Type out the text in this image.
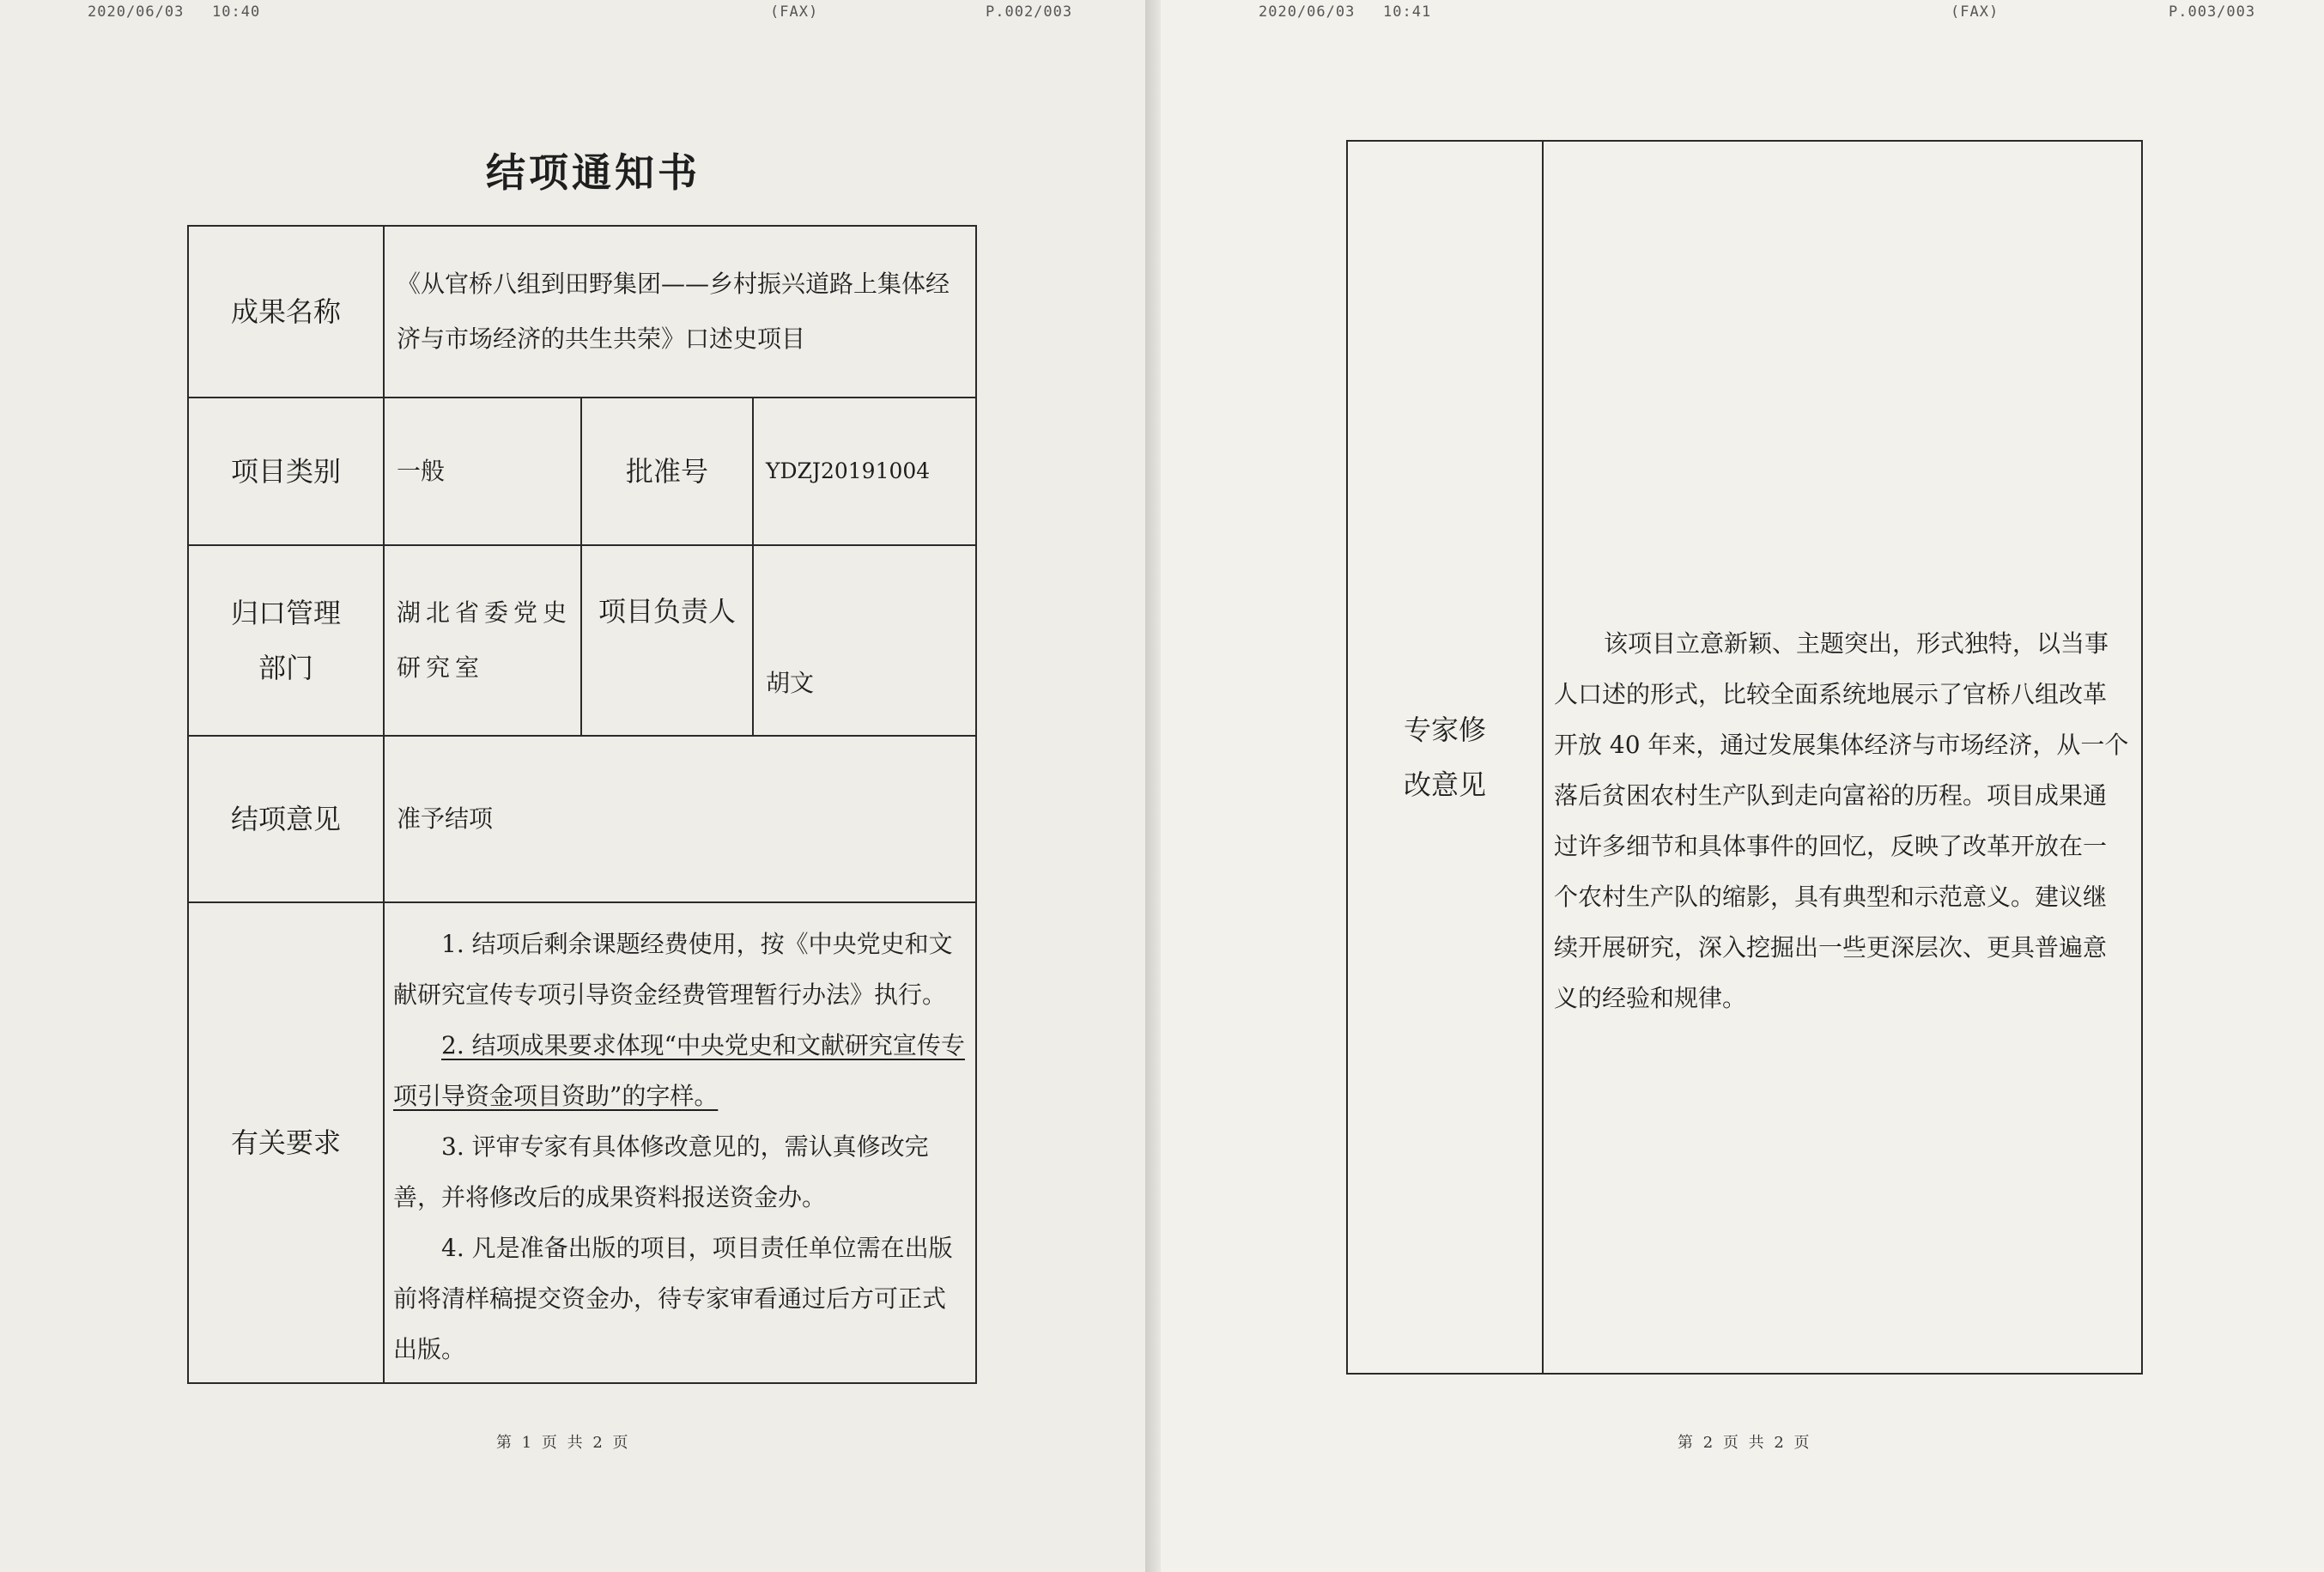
2020/06/03 10:40	(FAX)	P.002/003
结项通知书
成果名称	《从官桥八组到田野集团——乡村振兴道路上集体经济与市场经济的共生共荣》口述史项目		
项目类别	一般	批准号	YDZJ20191004
归口管理部门	湖北省委党史研究室	项目负责人	胡文
结项意见	准予结项		
有关要求	1. 结项后剩余课题经费使用，按《中央党史和文献研究宣传专项引导资金经费管理暂行办法》执行。

2. 结项成果要求体现“中央党史和文献研究宣传专项引导资金项目资助”的字样。

3. 评审专家有具体修改意见的，需认真修改完善，并将修改后的成果资料报送资金办。

4. 凡是准备出版的项目，项目责任单位需在出版前将清样稿提交资金办，待专家审看通过后方可正式出版。		

第 1 页 共 2 页
2020/06/03 10:41	(FAX)	P.003/003
专家修改意见	该项目立意新颖、主题突出，形式独特，以当事人口述的形式，比较全面系统地展示了官桥八组改革开放 40 年来，通过发展集体经济与市场经济，从一个落后贫困农村生产队到走向富裕的历程。项目成果通过许多细节和具体事件的回忆，反映了改革开放在一个农村生产队的缩影，具有典型和示范意义。建议继续开展研究，深入挖掘出一些更深层次、更具普遍意义的经验和规律。
第 2 页 共 2 页
